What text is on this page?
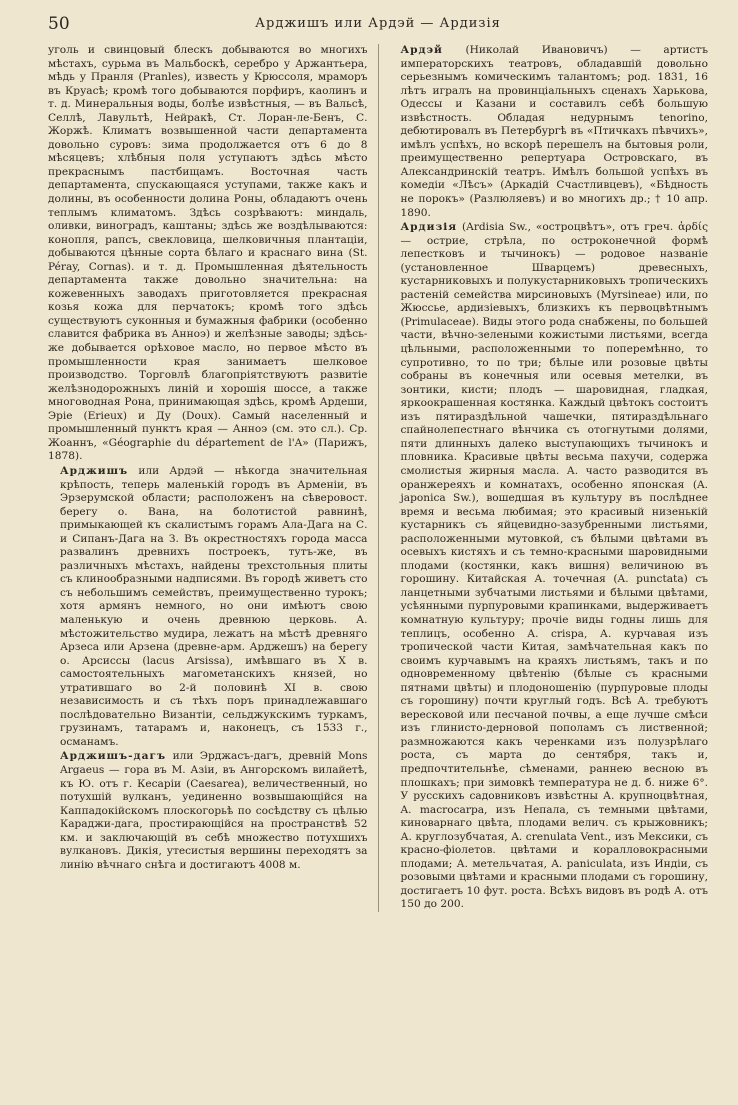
50	Арджишъ или Ардэй — Ардизія

уголь и свинцовый блескъ добываются во многихъ мѣстахъ, сурьма въ Мальбоскѣ, серебро у Аржантьера, мѣдь у Пранля (Pranles), известь у Крюссоля, мраморъ въ Круасѣ; кромѣ того добываются порфиръ, каолинъ и т. д. Минеральныя воды, болѣе извѣстныя, — въ Вальсѣ, Селлѣ, Лавультѣ, Нейракѣ, Ст. Лоран-ле-Бенъ, С. Жоржѣ. Климатъ возвышенной части департамента довольно суровъ: зима продолжается отъ 6 до 8 мѣсяцевъ; хлѣбныя поля уступаютъ здѣсь мѣсто прекраснымъ пастбищамъ. Восточная часть департамента, спускающаяся уступами, также какъ и долины, въ особенности долина Роны, обладаютъ очень теплымъ климатомъ. Здѣсь созрѣваютъ: миндаль, оливки, виноградъ, каштаны; здѣсь же воздѣлываются: конопля, рапсъ, свекловица, шелковичныя плантаціи, добываются цѣнные сорта бѣлаго и краснаго вина (St. Péray, Cornas). и т. д. Промышленная дѣятельность департамента также довольно значительна: на кожевенныхъ заводахъ приготовляется прекрасная козья кожа для перчатокъ; кромѣ того здѣсь существуютъ суконныя и бумажныя фабрики (особенно славится фабрика въ Анноэ) и желѣзные заводы; здѣсь-же добывается орѣховое масло, но первое мѣсто въ промышленности края занимаетъ шелковое производство. Торговлѣ благопріятствуютъ развитіе желѣзнодорожныхъ линій и хорошія шоссе, а также многоводная Рона, принимающая здѣсь, кромѣ Ардеши, Эріе (Erieux) и Ду (Doux). Самый населенный и промышленный пунктъ края — Анноэ (см. это сл.). Ср. Жоаннъ, «Géographie du département de l'A» (Парижъ, 1878).

Арджишъ или Ардэй — нѣкогда значительная крѣпость, теперь маленькій городъ въ Арменіи, въ Эрзерумской области; расположенъ на сѣверовост. берегу о. Вана, на болотистой равнинѣ, примыкающей къ скалистымъ горамъ Ала-Дага на С. и Сипанъ-Дага на З. Въ окрестностяхъ города масса развалинъ древнихъ построекъ, тутъ-же, въ различныхъ мѣстахъ, найдены трехстольныя плиты съ клинообразными надписями. Въ городѣ живетъ сто съ небольшимъ семействъ, преимущественно турокъ; хотя армянъ немного, но они имѣютъ свою маленькую и очень древнюю церковь. А. мѣстожительство мудира, лежатъ на мѣстѣ древняго Арзеса или Арзена (древне-арм. Арджешъ) на берегу о. Арсиссы (lacus Arsissa), имѣвшаго въ X в. самостоятельныхъ магометанскихъ князей, но утратившаго во 2-й половинѣ XI в. свою независимость и съ тѣхъ поръ принадлежавшаго послѣдовательно Византіи, сельджукскимъ туркамъ, грузинамъ, татарамъ и, наконецъ, съ 1533 г., османамъ.

Арджишъ-дагъ или Эрджасъ-дагъ, древній Mons Argaeus — гора въ М. Азіи, въ Ангорскомъ вилайетѣ, къ Ю. отъ г. Кесаріи (Caesarea), величественный, но потухшій вулканъ, уединенно возвышающійся на Каппадокійскомъ плоскогорьѣ по сосѣдству съ цѣлью Караджи-дага, простирающійся на пространствѣ 52 км. и заключающій въ себѣ множество потухшихъ вулкановъ. Дикія, утесистыя вершины переходятъ за линію вѣчнаго снѣга и достигаютъ 4008 м.

Ардэй (Николай Ивановичъ) — артистъ императорскихъ театровъ, обладавшій довольно серьезнымъ комическимъ талантомъ; род. 1831, 16 лѣтъ игралъ на провинціальныхъ сценахъ Харькова, Одессы и Казани и составилъ себѣ большую извѣстность. Обладая недурнымъ tenorino, дебютировалъ въ Петербургѣ въ «Птичкахъ пѣвчихъ», имѣлъ успѣхъ, но вскорѣ перешелъ на бытовыя роли, преимущественно репертуара Островскаго, въ Александринскій театръ. Имѣлъ большой успѣхъ въ комедіи «Лѣсъ» (Аркадій Счастливцевъ), «Бѣдность не порокъ» (Разлюляевъ) и во многихъ др.; † 10 апр. 1890.

Ардизія (Ardisia Sw., «остроцвѣтъ», отъ греч. ἀρδίς — острие, стрѣла, по остроконечной формѣ лепестковъ и тычинокъ) — родовое названіе (установленное Шварцемъ) древесныхъ, кустарниковыхъ и полукустарниковыхъ тропическихъ растеній семейства мирсиновыхъ (Myrsineae) или, по Жюссье, ардизіевыхъ, близкихъ къ первоцвѣтнымъ (Primulaceae). Виды этого рода снабжены, по большей части, вѣчно-зелеными кожистыми листьями, всегда цѣльными, расположенными то поперемѣнно, то супротивно, то по три; бѣлые или розовые цвѣты собраны въ конечныя или осевыя метелки, въ зонтики, кисти; плодъ — шаровидная, гладкая, яркоокрашенная костянка. Каждый цвѣтокъ состоитъ изъ пятираздѣльной чашечки, пятираздѣльнаго спайнолепестнаго вѣнчика съ отогнутыми долями, пяти длинныхъ далеко выступающихъ тычинокъ и пловника. Красивые цвѣты весьма пахучи, содержа смолистыя жирныя масла. А. часто разводится въ оранжереяхъ и комнатахъ, особенно японская (A. japonica Sw.), вошедшая въ культуру въ послѣднее время и весьма любимая; это красивый низенькій кустарникъ съ яйцевидно-зазубренными листьями, расположенными мутовкой, съ бѣлыми цвѣтами въ осевыхъ кистяхъ и съ темно-красными шаровидными плодами (костянки, какъ вишня) величиною въ горошину. Китайская А. точечная (A. punctata) съ ланцетными зубчатыми листьями и бѣлыми цвѣтами, усѣянными пурпуровыми крапинками, выдерживаетъ комнатную культуру; прочіе виды годны лишь для теплицъ, особенно A. crispa, А. курчавая изъ тропической части Китая, замѣчательная какъ по своимъ курчавымъ на краяхъ листьямъ, такъ и по одновременному цвѣтенію (бѣлые съ красными пятнами цвѣты) и плодоношенію (пурпуровые плоды съ горошину) почти круглый годъ. Всѣ А. требуютъ вересковой или песчаной почвы, а еще лучше смѣси изъ глинисто-дерновой пополамъ съ лиственной; размножаются какъ черенками изъ полузрѣлаго роста, съ марта до сентября, такъ и, предпочтительнѣе, сѣменами, раннею весною въ плошкахъ; при зимовкѣ температура не д. б. ниже 6°. У русскихъ садовниковъ извѣстны А. крупноцвѣтная, A. macrocarpa, изъ Непала, съ темными цвѣтами, киноварнаго цвѣта, плодами велич. съ крыжовникъ; А. круглозубчатая, A. crenulata Vent., изъ Мексики, съ красно-фіолетов. цвѣтами и коралловокрасными плодами; А. метельчатая, A. paniculata, изъ Индіи, съ розовыми цвѣтами и красными плодами съ горошину, достигаетъ 10 фут. роста. Всѣхъ видовъ въ родѣ А. отъ 150 до 200.
